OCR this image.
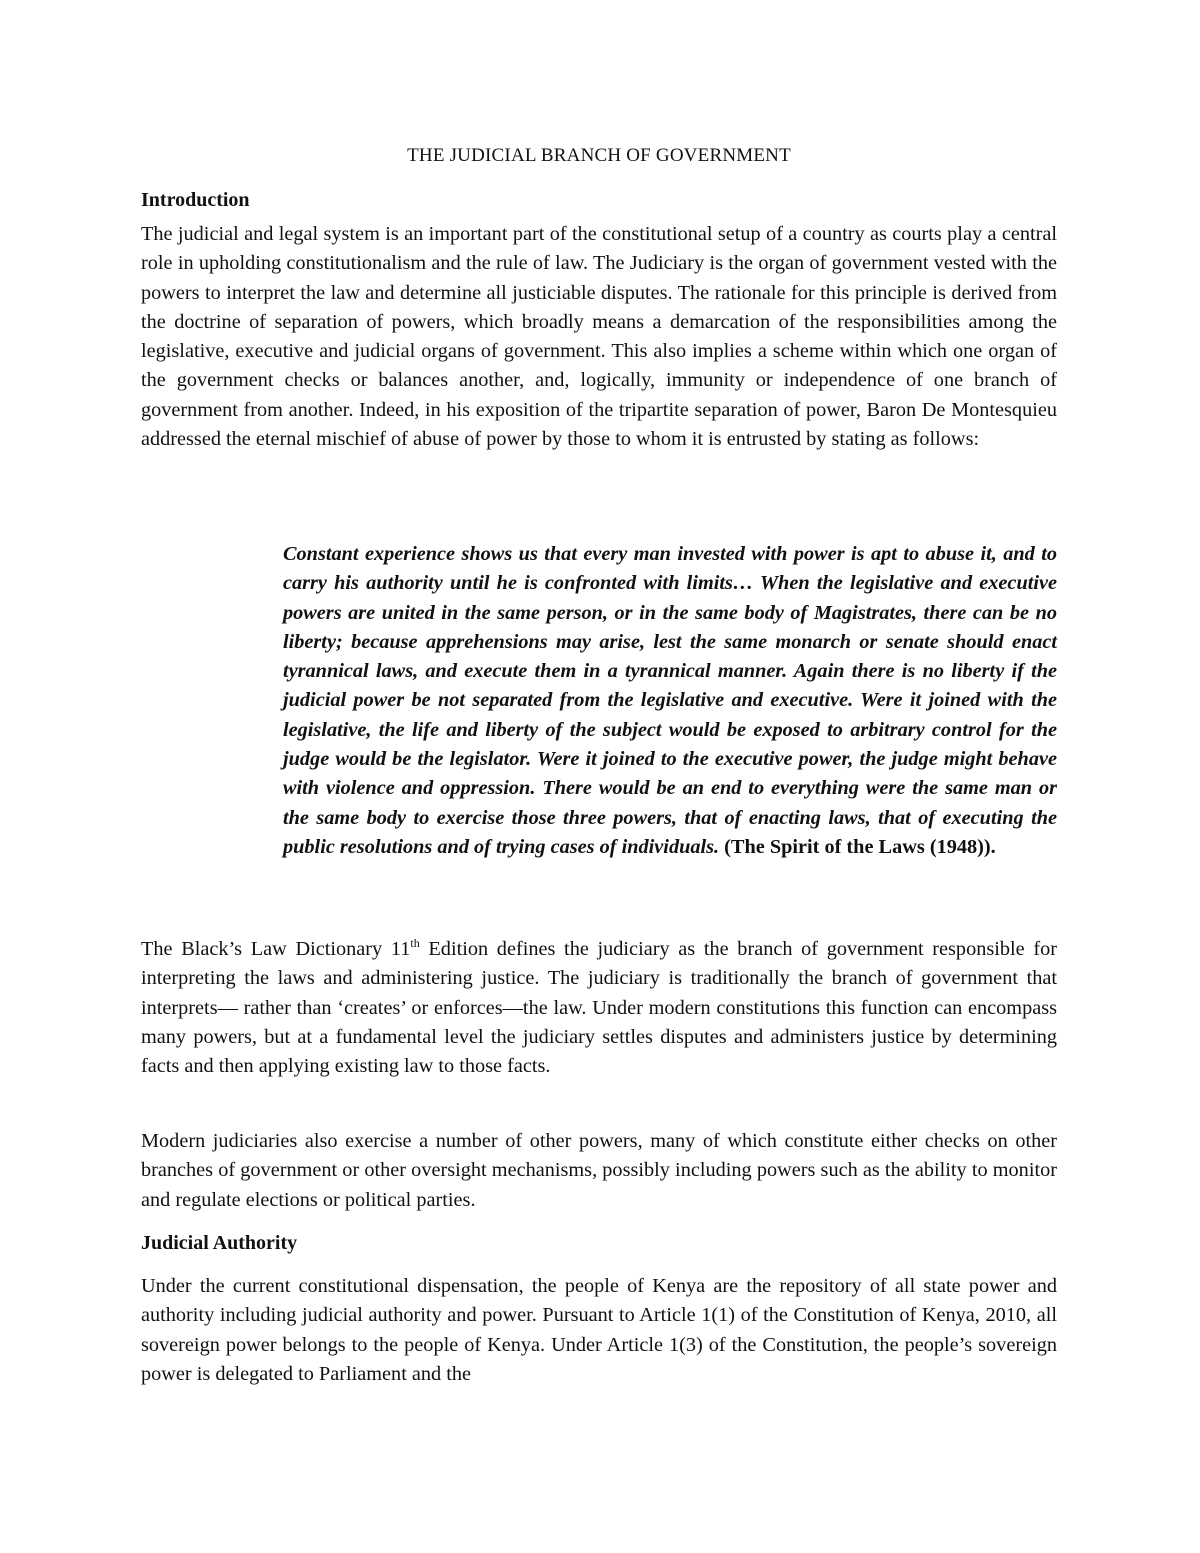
THE JUDICIAL BRANCH OF GOVERNMENT
Introduction

The judicial and legal system is an important part of the constitutional setup of a country as courts play a central role in upholding constitutionalism and the rule of law. The Judiciary is the organ of government vested with the powers to interpret the law and determine all justiciable disputes. The rationale for this principle is derived from the doctrine of separation of powers, which broadly means a demarcation of the responsibilities among the legislative, executive and judicial organs of government. This also implies a scheme within which one organ of the government checks or balances another, and, logically, immunity or independence of one branch of government from another. Indeed, in his exposition of the tripartite separation of power, Baron De Montesquieu addressed the eternal mischief of abuse of power by those to whom it is entrusted by stating as follows:

Constant experience shows us that every man invested with power is apt to abuse it, and to carry his authority until he is confronted with limits… When the legislative and executive powers are united in the same person, or in the same body of Magistrates, there can be no liberty; because apprehensions may arise, lest the same monarch or senate should enact tyrannical laws, and execute them in a tyrannical manner. Again there is no liberty if the judicial power be not separated from the legislative and executive. Were it joined with the legislative, the life and liberty of the subject would be exposed to arbitrary control for the judge would be the legislator. Were it joined to the executive power, the judge might behave with violence and oppression. There would be an end to everything were the same man or the same body to exercise those three powers, that of enacting laws, that of executing the public resolutions and of trying cases of individuals. (The Spirit of the Laws (1948)).

The Black’s Law Dictionary 11th Edition defines the judiciary as the branch of government responsible for interpreting the laws and administering justice. The judiciary is traditionally the branch of government that interprets— rather than ‘creates’ or enforces—the law. Under modern constitutions this function can encompass many powers, but at a fundamental level the judiciary settles disputes and administers justice by determining facts and then applying existing law to those facts.

Modern judiciaries also exercise a number of other powers, many of which constitute either checks on other branches of government or other oversight mechanisms, possibly including powers such as the ability to monitor and regulate elections or political parties.

Judicial Authority

Under the current constitutional dispensation, the people of Kenya are the repository of all state power and authority including judicial authority and power. Pursuant to Article 1(1) of the Constitution of Kenya, 2010, all sovereign power belongs to the people of Kenya. Under Article 1(3) of the Constitution, the people’s sovereign power is delegated to Parliament and the
